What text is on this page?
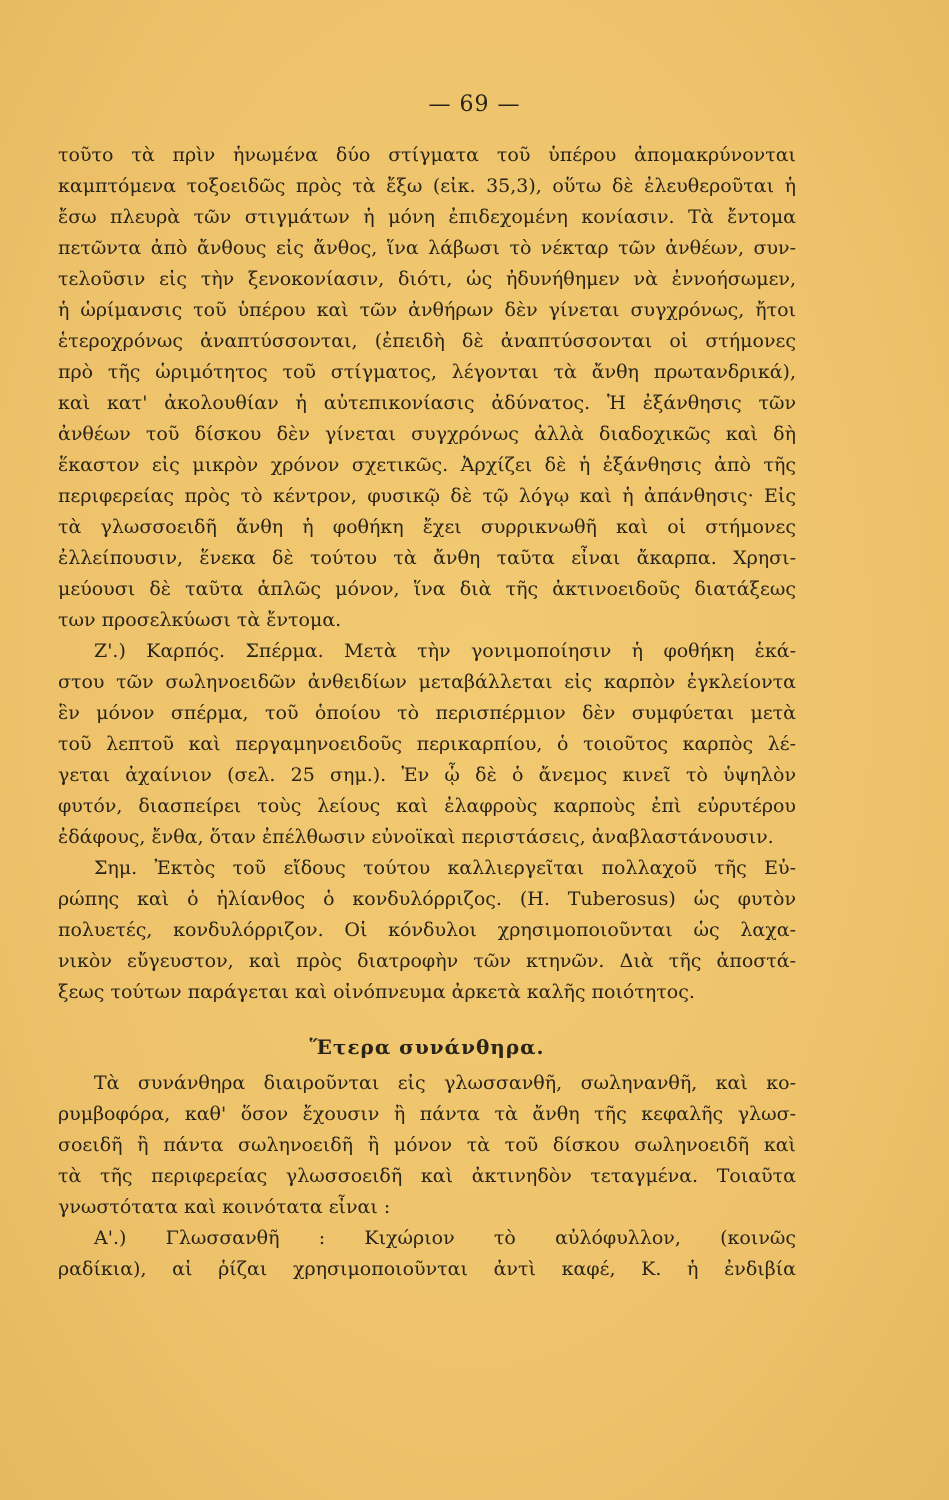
— 69 —
τοῦτο τὰ πρὶν ἡνωμένα δύο στίγματα τοῦ ὑπέρου ἀπομακρύνονται
καμπτόμενα τοξοειδῶς πρὸς τὰ ἔξω (εἰκ. 35,3), οὕτω δὲ ἐλευθεροῦται ἡ
ἔσω πλευρὰ τῶν στιγμάτων ἡ μόνη ἐπιδεχομένη κονίασιν. Τὰ ἔντομα
πετῶντα ἀπὸ ἄνθους εἰς ἄνθος, ἵνα λάβωσι τὸ νέκταρ τῶν ἀνθέων, συν-
τελοῦσιν εἰς τὴν ξενοκονίασιν, διότι, ὡς ἠδυνήθημεν νὰ ἐννοήσωμεν,
ἡ ὡρίμανσις τοῦ ὑπέρου καὶ τῶν ἀνθήρων δὲν γίνεται συγχρόνως, ἤτοι
ἑτεροχρόνως ἀναπτύσσονται, (ἐπειδὴ δὲ ἀναπτύσσονται οἱ στήμονες
πρὸ τῆς ὡριμότητος τοῦ στίγματος, λέγονται τὰ ἄνθη πρωτανδρικά),
καὶ κατ' ἀκολουθίαν ἡ αὐτεπικονίασις ἀδύνατος. Ἡ ἐξάνθησις τῶν
ἀνθέων τοῦ δίσκου δὲν γίνεται συγχρόνως ἀλλὰ διαδοχικῶς καὶ δὴ
ἕκαστον εἰς μικρὸν χρόνον σχετικῶς. Ἀρχίζει δὲ ἡ ἐξάνθησις ἀπὸ τῆς
περιφερείας πρὸς τὸ κέντρον, φυσικῷ δὲ τῷ λόγῳ καὶ ἡ ἀπάνθησις· Εἰς
τὰ γλωσσοειδῆ ἄνθη ἡ φοθήκη ἔχει συρρικνωθῆ καὶ οἱ στήμονες
ἐλλείπουσιν, ἕνεκα δὲ τούτου τὰ ἄνθη ταῦτα εἶναι ἄκαρπα. Χρησι-
μεύουσι δὲ ταῦτα ἁπλῶς μόνον, ἵνα διὰ τῆς ἀκτινοειδοῦς διατάξεως
των προσελκύωσι τὰ ἔντομα.
Ζ'.) Καρπός. Σπέρμα. Μετὰ τὴν γονιμοποίησιν ἡ φοθήκη ἑκά-
στου τῶν σωληνοειδῶν ἀνθειδίων μεταβάλλεται εἰς καρπὸν ἐγκλείοντα
ἓν μόνον σπέρμα, τοῦ ὁποίου τὸ περισπέρμιον δὲν συμφύεται μετὰ
τοῦ λεπτοῦ καὶ περγαμηνοειδοῦς περικαρπίου, ὁ τοιοῦτος καρπὸς λέ-
γεται ἀχαίνιον (σελ. 25 σημ.). Ἐν ᾧ δὲ ὁ ἄνεμος κινεῖ τὸ ὑψηλὸν
φυτόν, διασπείρει τοὺς λείους καὶ ἐλαφροὺς καρποὺς ἐπὶ εὐρυτέρου
ἐδάφους, ἔνθα, ὅταν ἐπέλθωσιν εὐνοϊκαὶ περιστάσεις, ἀναβλαστάνουσιν.
Σημ. Ἐκτὸς τοῦ εἴδους τούτου καλλιεργεῖται πολλαχοῦ τῆς Εὐ-
ρώπης καὶ ὁ ἡλίανθος ὁ κονδυλόρριζος. (H. Tuberosus) ὡς φυτὸν
πολυετές, κονδυλόρριζον. Οἱ κόνδυλοι χρησιμοποιοῦνται ὡς λαχα-
νικὸν εὔγευστον, καὶ πρὸς διατροφὴν τῶν κτηνῶν. Διὰ τῆς ἀποστά-
ξεως τούτων παράγεται καὶ οἰνόπνευμα ἀρκετὰ καλῆς ποιότητος.
Ἕτερα συνάνθηρα.
Τὰ συνάνθηρα διαιροῦνται εἰς γλωσσανθῆ, σωληνανθῆ, καὶ κο-
ρυμβοφόρα, καθ' ὅσον ἔχουσιν ἢ πάντα τὰ ἄνθη τῆς κεφαλῆς γλωσ-
σοειδῆ ἢ πάντα σωληνοειδῆ ἢ μόνον τὰ τοῦ δίσκου σωληνοειδῆ καὶ
τὰ τῆς περιφερείας γλωσσοειδῆ καὶ ἀκτινηδὸν τεταγμένα. Τοιαῦτα
γνωστότατα καὶ κοινότατα εἶναι :
Α'.) Γλωσσανθῆ : Κιχώριον τὸ αὐλόφυλλον, (κοινῶς
ραδίκια), αἱ ῥίζαι χρησιμοποιοῦνται ἀντὶ καφέ, Κ. ἡ ἐνδιβία
